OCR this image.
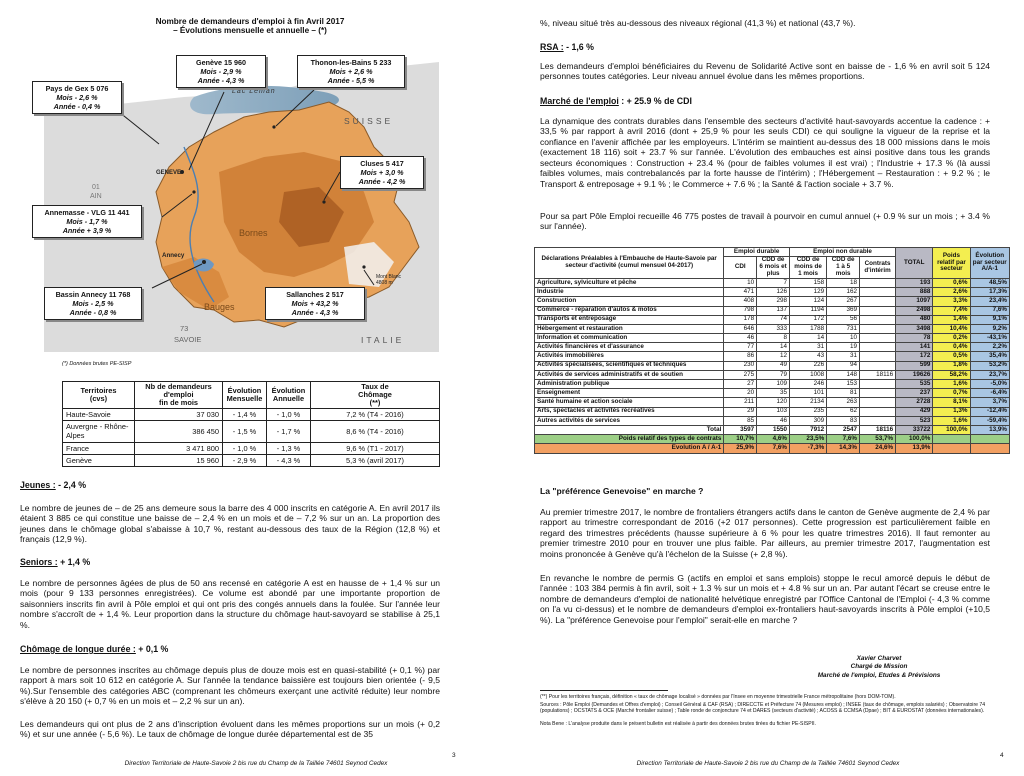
Nombre de demandeurs d'emploi à fin Avril 2017
– Évolutions mensuelle et annuelle – (*)
Lac Léman
SUISSE
ITALIE
SAVOIE
73
01
AIN
GENEVE
Annecy
Bornes
Bauges
Mont Blanc
4808 m
Genève 15 960
Mois - 2,9 %
Année - 4,3 %
Thonon-les-Bains 5 233
Mois + 2,6 %
Année - 5,5 %
Pays de Gex 5 076
Mois - 2,6 %
Année - 0,4 %
Cluses 5 417
Mois + 3,0 %
Année - 4,2 %
Annemasse - VLG 11 441
Mois - 1,7 %
Année + 3,9 %
Bassin Annecy 11 768
Mois - 2,5 %
Année - 0,8 %
Sallanches 2 517
Mois + 43,2 %
Année - 4,3 %
(*) Données brutes PE-SISP
Territoires
(cvs)	Nb de demandeurs
d'emploi
fin de mois	Évolution
Mensuelle	Évolution
Annuelle	Taux de
Chômage
(**)
Haute-Savoie	37 030	- 1,4 %	- 1,0 %	7,2 % (T4 - 2016)
Auvergne - Rhône-Alpes	386 450	- 1,5 %	- 1,7 %	8,6 % (T4 - 2016)
France	3 471 800	- 1,0 %	- 1,3 %	9,6 % (T1 - 2017)
Genève	15 960	- 2,9 %	- 4,3 %	5,3 % (avril 2017)
Jeunes : - 2,4 %

Le nombre de jeunes de – de 25 ans demeure sous la barre des 4 000 inscrits en catégorie A. En avril 2017 ils étaient 3 885 ce qui constitue une baisse de – 2,4 % en un mois et de – 7,2 % sur un an. La proportion des jeunes dans le chômage global s'abaisse à 10,7 %, restant au-dessous des taux de la Région (12,8 %) et français (12,9 %).

Seniors : + 1,4 %

Le nombre de personnes âgées de plus de 50 ans recensé en catégorie A est en hausse de + 1,4 % sur un mois (pour 9 133 personnes enregistrées). Ce volume est abondé par une importante proportion de saisonniers inscrits fin avril à Pôle emploi et qui ont pris des congés annuels dans la foulée. Sur l'année leur nombre s'accroît de + 1,4 %. Leur proportion dans la structure du chômage haut-savoyard se stabilise à 25,1 %.

Chômage de longue durée : + 0,1 %

Le nombre de personnes inscrites au chômage depuis plus de douze mois est en quasi-stabilité (+ 0,1 %) par rapport à mars soit 10 612 en catégorie A. Sur l'année la tendance baissière est toujours bien orientée (- 9,5 %).Sur l'ensemble des catégories ABC (comprenant les chômeurs exerçant une activité réduite) leur nombre s'élève à 20 150 (+ 0,7 % en un mois et – 2,2 % sur un an).

Les demandeurs qui ont plus de 2 ans d'inscription évoluent dans les mêmes proportions sur un mois (+ 0,2 %) et sur une année (- 5,6 %). Le taux de chômage de longue durée départemental est de 35

3
Direction Territoriale de Haute-Savoie 2 bis rue du Champ de la Taillée 74601 Seynod Cedex

%, niveau situé très au-dessous des niveaux régional (41,3 %) et national (43,7 %).

RSA : - 1,6 %

Les demandeurs d'emploi bénéficiaires du Revenu de Solidarité Active sont en baisse de - 1,6 % en avril soit 5 124 personnes toutes catégories. Leur niveau annuel évolue dans les mêmes proportions.

Marché de l'emploi : + 25.9 % de CDI

La dynamique des contrats durables dans l'ensemble des secteurs d'activité haut-savoyards accentue la cadence : + 33,5 % par rapport à avril 2016 (dont + 25,9 % pour les seuls CDI) ce qui souligne la vigueur de la reprise et la confiance en l'avenir affichée par les employeurs. L'intérim se maintient au-dessus des 18 000 missions dans le mois (exactement 18 116) soit + 23.7 % sur l'année. L'évolution des embauches est ainsi positive dans tous les grands secteurs économiques : Construction + 23.4 % (pour de faibles volumes il est vrai) ; l'Industrie + 17.3 % (là aussi faibles volumes, mais contrebalancés par la forte hausse de l'intérim) ; l'Hébergement – Restauration : + 9.2 % ; le Transport & entreposage + 9.1 % ; le Commerce + 7.6 % ; la Santé & l'action sociale + 3.7 %.

Pour sa part Pôle Emploi recueille 46 775 postes de travail à pourvoir en cumul annuel (+ 0.9 % sur un mois ; + 3.4 % sur l'année).

Déclarations Préalables à l'Embauche de Haute-Savoie par secteur d'activité (cumul mensuel 04-2017)	Emploi durable		Emploi non durable			TOTAL	Poids relatif par secteur	Évolution par secteur A/A-1
	CDI	CDD de 6 mois et plus	CDD de moins de 1 mois	CDD de 1 à 5 mois	Contrats d'intérim			
Agriculture, sylviculture et pêche	10	7	158	18		193	0,6%	48,5%
Industrie	471	126	129	162		888	2,6%	17,3%
Construction	408	298	124	267		1097	3,3%	23,4%
Commerce - réparation d'autos & motos	798	137	1194	369		2498	7,4%	7,6%
Transports et entreposage	178	74	172	56		480	1,4%	9,1%
Hébergement et restauration	646	333	1788	731		3498	10,4%	9,2%
Information et communication	46	8	14	10		78	0,2%	-43,1%
Activités financières et d'assurance	77	14	31	19		141	0,4%	2,2%
Activités immobilières	86	12	43	31		172	0,5%	35,4%
Activités spécialisées, scientifiques et techniques	230	49	226	94		599	1,8%	53,2%
Activités de services administratifs et de soutien	275	79	1008	148	18116	19626	58,2%	23,7%
Administration publique	27	109	246	153		535	1,6%	-5,0%
Enseignement	20	35	101	81		237	0,7%	-6,4%
Santé humaine et action sociale	211	120	2134	263		2728	8,1%	3,7%
Arts, spectacles et activités récréatives	29	103	235	62		429	1,3%	-12,4%
Autres activités de services	85	46	309	83		523	1,6%	-59,4%
Total	3597	1550	7912	2547	18116	33722	100,0%	13,9%
Poids relatif des types de contrats	10,7%	4,6%	23,5%	7,6%	53,7%	100,0%		
Evolution A / A-1	25,9%	7,6%	-7,3%	14,3%	24,6%	13,9%		
La "préférence Genevoise" en marche ?

Au premier trimestre 2017, le nombre de frontaliers étrangers actifs dans le canton de Genève augmente de 2,4 % par rapport au trimestre correspondant de 2016 (+2 017 personnes). Cette progression est particulièrement faible en regard des trimestres précédents (hausse supérieure à 6 % pour les quatre trimestres 2016). Il faut remonter au premier trimestre 2010 pour en trouver une plus faible. Par ailleurs, au premier trimestre 2017, l'augmentation est moins prononcée à Genève qu'à l'échelon de la Suisse (+ 2,8 %).

En revanche le nombre de permis G (actifs en emploi et sans emplois) stoppe le recul amorcé depuis le début de l'année : 103 384 permis à fin avril, soit + 1.3 % sur un mois et + 4.8 % sur un an. Par autant l'écart se creuse entre le nombre de demandeurs d'emploi de nationalité helvétique enregistré par l'Office Cantonal de l'Emploi (- 4,3 % comme on l'a vu ci-dessus) et le nombre de demandeurs d'emploi ex-frontaliers haut-savoyards inscrits à Pôle emploi (+10,5 %). La "préférence Genevoise pour l'emploi" serait-elle en marche ?

Xavier Charvet
Chargé de Mission
Marché de l'emploi, Etudes & Prévisions
(**) Pour les territoires français, définition « taux de chômage localisé » données par l'Insee en moyenne trimestrielle France métropolitaine (hors DOM-TOM).
Sources : Pôle Emploi (Demandes et Offres d'emploi) ; Conseil Général & CAF (RSA) ; DIRECCTE et Préfecture 74 (Mesures emploi) ; INSEE (taux de chômage, emplois salariés) ; Observatoire 74 (populations) ; OCSTATS & OCE (Marché frontalier suisse) ; Table ronde de conjoncture 74 et DARES (secteurs d'activité) ; ACOSS & CCMSA (Dpae) ; BIT & EUROSTAT (données internationales).
Nota Bene : L'analyse produite dans le présent bulletin est réalisée à partir des données brutes tirées du fichier PE-SISPII.
4
Direction Territoriale de Haute-Savoie 2 bis rue du Champ de la Taillée 74601 Seynod Cedex
